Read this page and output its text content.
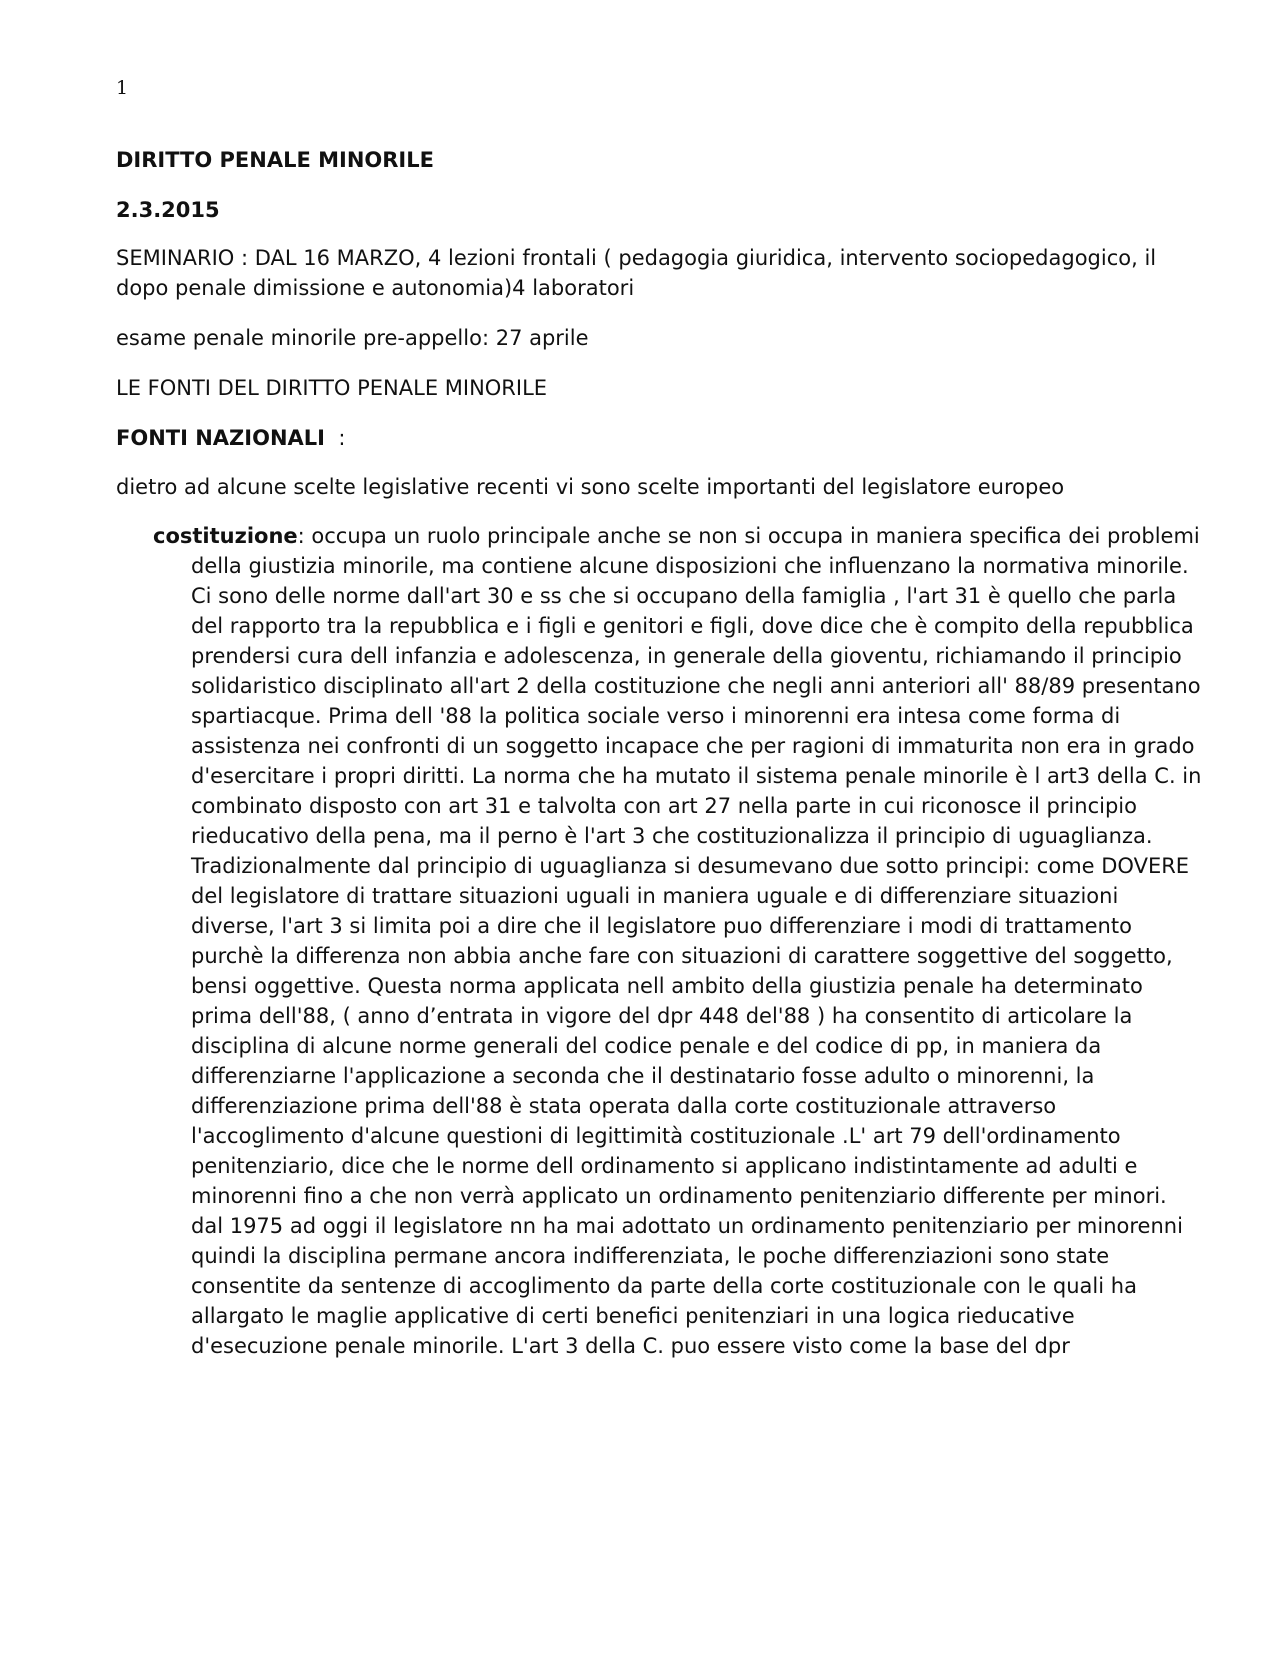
1

DIRITTO PENALE MINORILE

2.3.2015

SEMINARIO : DAL 16 MARZO, 4 lezioni frontali ( pedagogia giuridica, intervento sociopedagogico, il dopo penale dimissione e autonomia)4 laboratori

esame penale minorile pre-appello: 27 aprile

LE FONTI DEL DIRITTO PENALE MINORILE

FONTI NAZIONALI  :

dietro ad alcune scelte legislative recenti vi sono scelte importanti del legislatore europeo

costituzione: occupa un ruolo principale anche se non si occupa in maniera specifica dei problemi della giustizia minorile, ma contiene alcune disposizioni che influenzano la normativa minorile. Ci sono delle norme dall'art 30 e ss che si occupano della famiglia , l'art 31 è quello che parla del rapporto tra la repubblica e i figli e genitori e figli, dove dice che è compito della repubblica prendersi cura dell infanzia e adolescenza, in generale della gioventu, richiamando il principio solidaristico disciplinato all'art 2 della costituzione che negli anni anteriori all' 88/89 presentano spartiacque. Prima dell '88 la politica sociale verso i minorenni era intesa come forma di assistenza nei confronti di un soggetto incapace che per ragioni di immaturita non era in grado d'esercitare i propri diritti. La norma che ha mutato il sistema penale minorile è l art3 della C. in combinato disposto con art 31 e talvolta con art 27 nella parte in cui riconosce il principio rieducativo della pena, ma il perno è l'art 3 che costituzionalizza il principio di uguaglianza. Tradizionalmente dal principio di uguaglianza si desumevano due sotto principi: come DOVERE del legislatore di trattare situazioni uguali in maniera uguale e di differenziare situazioni diverse, l'art 3 si limita poi a dire che il legislatore puo differenziare i modi di trattamento purchè la differenza non abbia anche fare con situazioni di carattere soggettive del soggetto, bensi oggettive. Questa norma applicata nell ambito della giustizia penale ha determinato prima dell'88, ( anno d’entrata in vigore del dpr 448 del'88 ) ha consentito di articolare la disciplina di alcune norme generali del codice penale e del codice di pp, in maniera da differenziarne l'applicazione a seconda che il destinatario fosse adulto o minorenni, la differenziazione prima dell'88 è stata operata dalla corte costituzionale attraverso l'accoglimento d'alcune questioni di legittimità costituzionale .L' art 79 dell'ordinamento penitenziario, dice che le norme dell ordinamento si applicano indistintamente ad adulti e minorenni fino a che non verrà applicato un ordinamento penitenziario differente per minori. dal 1975 ad oggi il legislatore nn ha mai adottato un ordinamento penitenziario per minorenni quindi la disciplina permane ancora indifferenziata, le poche differenziazioni sono state consentite da sentenze di accoglimento da parte della corte costituzionale con le quali ha allargato le maglie applicative di certi benefici penitenziari in una logica rieducative d'esecuzione penale minorile. L'art 3 della C. puo essere visto come la base del dpr
